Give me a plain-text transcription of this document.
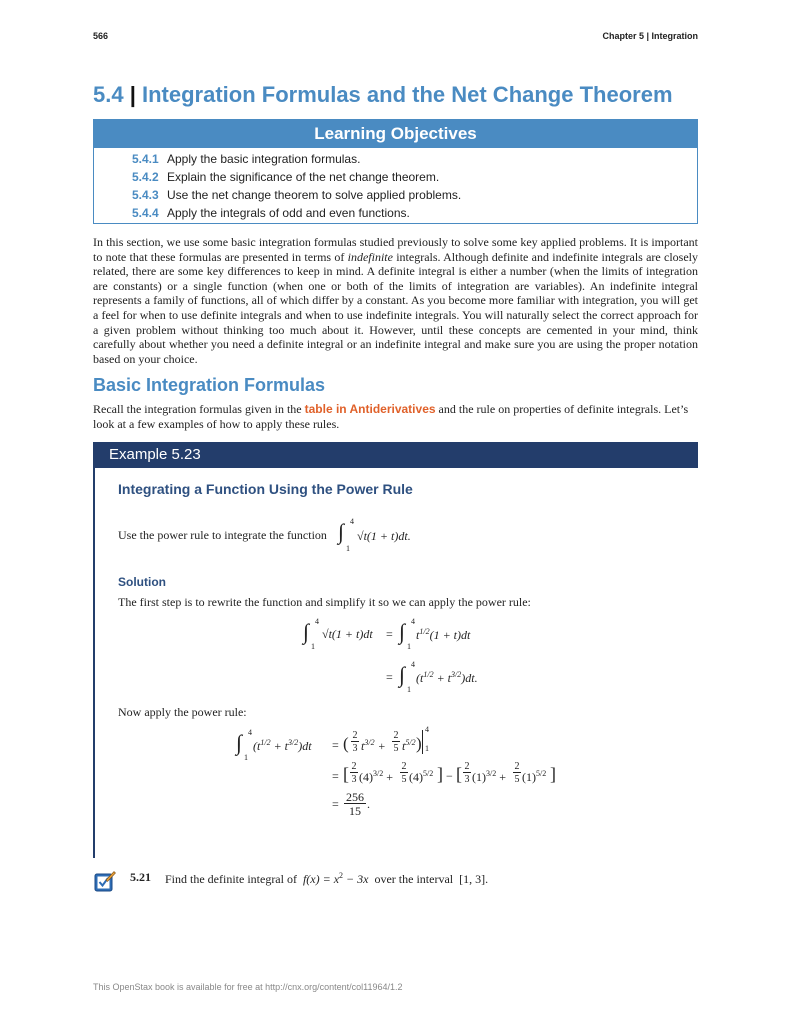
566	Chapter 5 | Integration
5.4 | Integration Formulas and the Net Change Theorem
Learning Objectives
5.4.1 Apply the basic integration formulas.
5.4.2 Explain the significance of the net change theorem.
5.4.3 Use the net change theorem to solve applied problems.
5.4.4 Apply the integrals of odd and even functions.
In this section, we use some basic integration formulas studied previously to solve some key applied problems. It is important to note that these formulas are presented in terms of indefinite integrals. Although definite and indefinite integrals are closely related, there are some key differences to keep in mind. A definite integral is either a number (when the limits of integration are constants) or a single function (when one or both of the limits of integration are variables). An indefinite integral represents a family of functions, all of which differ by a constant. As you become more familiar with integration, you will get a feel for when to use definite integrals and when to use indefinite integrals. You will naturally select the correct approach for a given problem without thinking too much about it. However, until these concepts are cemented in your mind, think carefully about whether you need a definite integral or an indefinite integral and make sure you are using the proper notation based on your choice.
Basic Integration Formulas
Recall the integration formulas given in the table in Antiderivatives and the rule on properties of definite integrals. Let’s look at a few examples of how to apply these rules.
Example 5.23
Integrating a Function Using the Power Rule
Use the power rule to integrate the function ∫ 4
1
√t(1 + t)dt.
Solution
The first step is to rewrite the function and simplify it so we can apply the power rule:
∫ 4
1
√t(1 + t)dt = ∫ 4
1
$t^{1/2}(1 + t)dt$
= ∫ 4
1
$(t^{1/2} + t^{3/2})dt$.
Now apply the power rule:
∫ 4
1
$(t^{1/2} + t^{3/2})dt$ = ( 2
3 $t^{3/2}$ +
2
5 $t^{5/2}$ )
4
1
= [ 2
3 $(4)^{3/2}$ +
2
5 $(4)^{5/2}$ ] − [ 2
3 $(1)^{3/2}$ +
2
5 $(1)^{5/2}$ ]
= 256
15 .
5.21 Find the definite integral of $f(x) = x^2 - 3x$ over the interval [1, 3].
This OpenStax book is available for free at http://cnx.org/content/col11964/1.2
